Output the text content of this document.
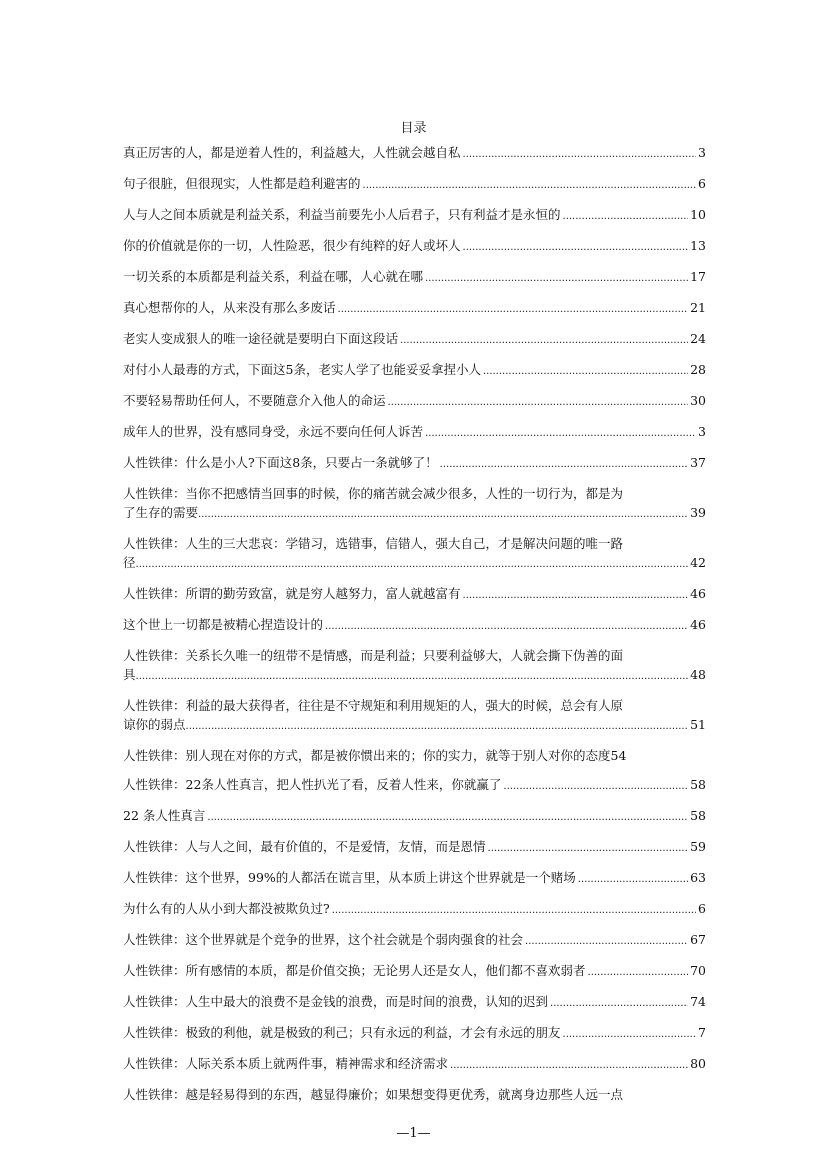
目录
真正厉害的人，都是逆着人性的，利益越大，人性就会越自私 .....	3
句子很脏，但很现实，人性都是趋利避害的 .....	6
人与人之间本质就是利益关系，利益当前要先小人后君子，只有利益才是永恒的 .....	10
你的价值就是你的一切，人性险恶，很少有纯粹的好人或坏人 .....	13
一切关系的本质都是利益关系，利益在哪，人心就在哪 .....	17
真心想帮你的人，从来没有那么多废话 .....	21
老实人变成狠人的唯一途径就是要明白下面这段话 .....	24
对付小人最毒的方式，下面这5条，老实人学了也能妥妥拿捏小人 .....	28
不要轻易帮助任何人，不要随意介入他人的命运 .....	30
成年人的世界，没有感同身受，永远不要向任何人诉苦 .....	3
人性铁律：什么是小人?下面这8条，只要占一条就够了！ .....	37
人性铁律：当你不把感情当回事的时候，你的痛苦就会减少很多，人性的一切行为，都是为
了生存的需要 .....	39
人性铁律：人生的三大悲哀：学错习，选错事，信错人，强大自己，才是解决问题的唯一路
径 .....	42
人性铁律：所谓的勤劳致富，就是穷人越努力，富人就越富有 .....	46
这个世上一切都是被精心捏造设计的 .....	46
人性铁律：关系长久唯一的纽带不是情感，而是利益；只要利益够大，人就会撕下伪善的面
具 .....	48
人性铁律：利益的最大获得者，往往是不守规矩和利用规矩的人，强大的时候，总会有人原
谅你的弱点 .....	51
人性铁律：别人现在对你的方式，都是被你惯出来的；你的实力，就等于别人对你的态度 54
人性铁律：22条人性真言，把人性扒光了看，反着人性来，你就赢了 .....	58
22 条人性真言 .....	58
人性铁律：人与人之间，最有价值的，不是爱情，友情，而是恩情 .....	59
人性铁律：这个世界，99%的人都活在谎言里，从本质上讲这个世界就是一个赌场 .....	63
为什么有的人从小到大都没被欺负过? .....	6
人性铁律：这个世界就是个竞争的世界，这个社会就是个弱肉强食的社会 .....	67
人性铁律：所有感情的本质，都是价值交换；无论男人还是女人，他们都不喜欢弱者 .....	70
人性铁律：人生中最大的浪费不是金钱的浪费，而是时间的浪费，认知的迟到 .....	74
人性铁律：极致的利他，就是极致的利己；只有永远的利益，才会有永远的朋友 .....	7
人性铁律：人际关系本质上就两件事，精神需求和经济需求 .....	80
人性铁律：越是轻易得到的东西，越显得廉价；如果想变得更优秀，就离身边那些人远一点
—1—
